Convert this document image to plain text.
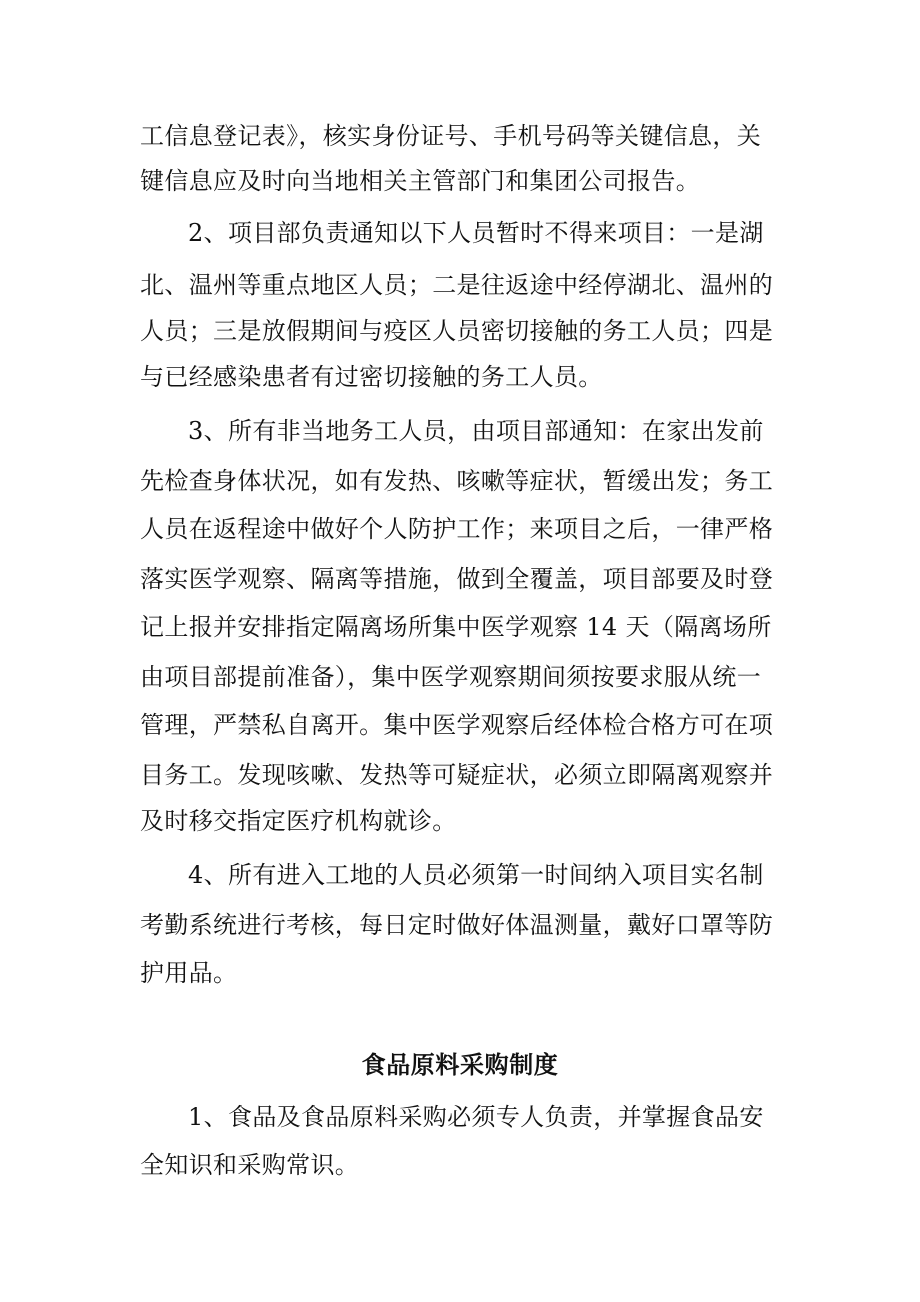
工信息登记表》，核实身份证号、手机号码等关键信息，关
键信息应及时向当地相关主管部门和集团公司报告。
2、项目部负责通知以下人员暂时不得来项目：一是湖
北、温州等重点地区人员；二是往返途中经停湖北、温州的
人员；三是放假期间与疫区人员密切接触的务工人员；四是
与已经感染患者有过密切接触的务工人员。
3、所有非当地务工人员，由项目部通知：在家出发前
先检查身体状况，如有发热、咳嗽等症状，暂缓出发；务工
人员在返程途中做好个人防护工作；来项目之后，一律严格
落实医学观察、隔离等措施，做到全覆盖，项目部要及时登
记上报并安排指定隔离场所集中医学观察 14 天（隔离场所
由项目部提前准备），集中医学观察期间须按要求服从统一
管理，严禁私自离开。集中医学观察后经体检合格方可在项
目务工。发现咳嗽、发热等可疑症状，必须立即隔离观察并
及时移交指定医疗机构就诊。
4、所有进入工地的人员必须第一时间纳入项目实名制
考勤系统进行考核，每日定时做好体温测量，戴好口罩等防
护用品。
食品原料采购制度
1、食品及食品原料采购必须专人负责，并掌握食品安
全知识和采购常识。
